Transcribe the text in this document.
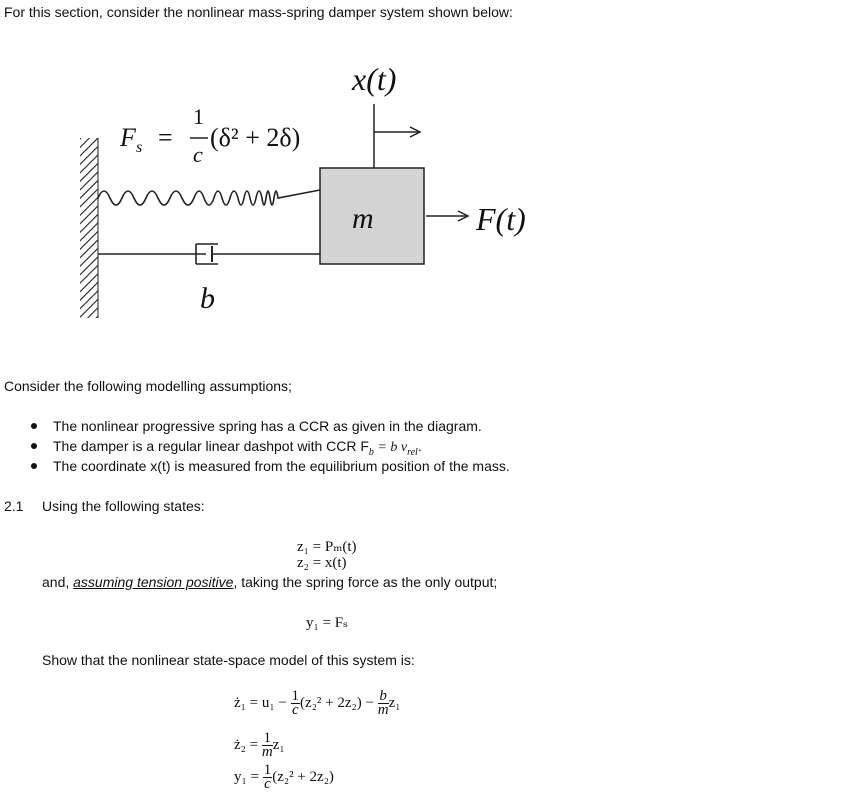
For this section, consider the nonlinear mass-spring damper system shown below:
x(t)
m	F(t)
b
F s =
1
c
(δ² + 2δ)
Consider the following modelling assumptions;
The nonlinear progressive spring has a CCR as given in the diagram.
The damper is a regular linear dashpot with CCR $F_b = b$ $v_{rel}$.
The coordinate x(t) is measured from the equilibrium position of the mass.
2.1 Using the following states:
z₁ = Pₘ(t)
z₂ = x(t)
and, assuming tension positive, taking the spring force as the only output;
y₁ = Fₛ
Show that the nonlinear state-space model of this system is:
ż₁ = $u_1 - \frac{1}{c} (z_2^2 + 2z_2) - \frac{b}{m} z_1$
ż₂ = $\frac{1}{m} z_1$
$y_1 = \frac{1}{c} (z_2^2 + 2z_2)$
